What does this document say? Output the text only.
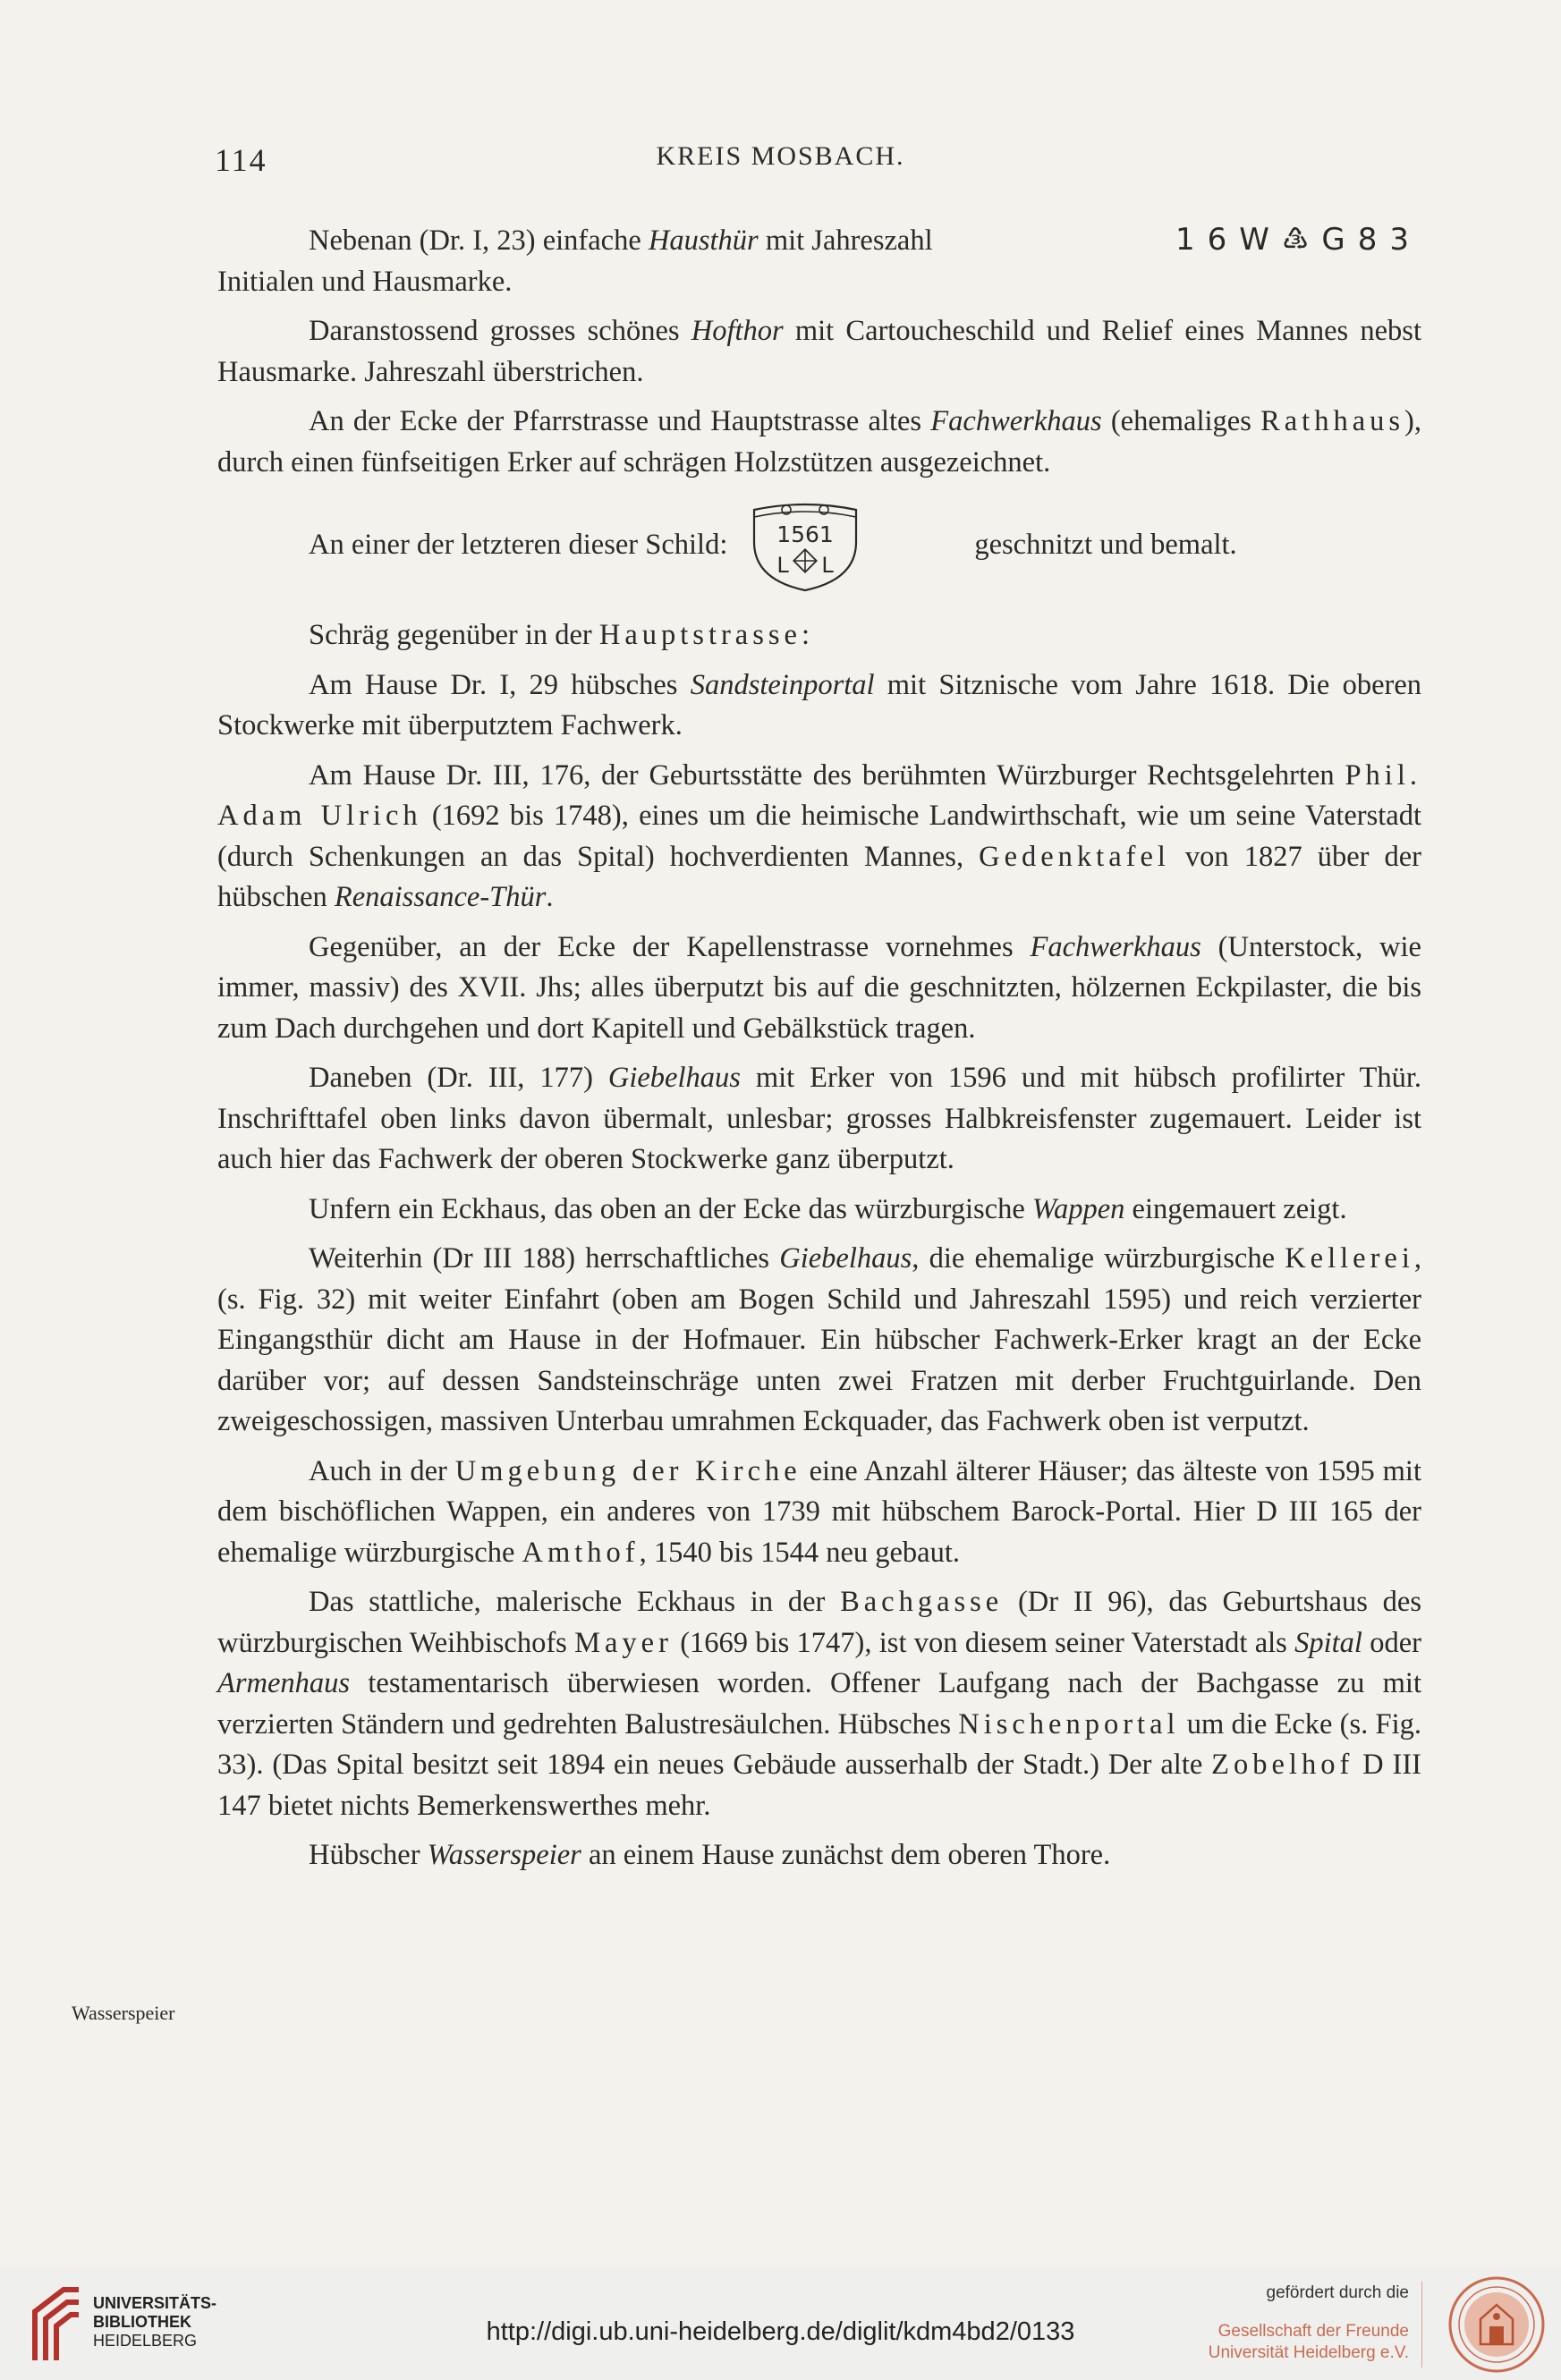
114	KREIS MOSBACH.

Nebenan (Dr. I, 23) einfache Hausthür mit Jahreszahl	16W♵G83
Initialen und Hausmarke.

Daranstossend grosses schönes Hofthor mit Cartoucheschild und Relief eines Mannes nebst Hausmarke. Jahreszahl überstrichen.

An der Ecke der Pfarrstrasse und Hauptstrasse altes Fachwerkhaus (ehemaliges Rathhaus), durch einen fünfseitigen Erker auf schrägen Holzstützen ausgezeichnet.

An einer der letzteren dieser Schild: 1561
L L
geschnitzt und bemalt.

Schräg gegenüber in der Hauptstrasse:

Am Hause Dr. I, 29 hübsches Sandsteinportal mit Sitznische vom Jahre 1618. Die oberen Stockwerke mit überputztem Fachwerk.

Am Hause Dr. III, 176, der Geburtsstätte des berühmten Würzburger Rechtsgelehrten Phil. Adam Ulrich (1692 bis 1748), eines um die heimische Landwirthschaft, wie um seine Vaterstadt (durch Schenkungen an das Spital) hochverdienten Mannes, Gedenktafel von 1827 über der hübschen Renaissance-Thür.

Gegenüber, an der Ecke der Kapellenstrasse vornehmes Fachwerkhaus (Unterstock, wie immer, massiv) des XVII. Jhs; alles überputzt bis auf die geschnitzten, hölzernen Eckpilaster, die bis zum Dach durchgehen und dort Kapitell und Gebälkstück tragen.

Daneben (Dr. III, 177) Giebelhaus mit Erker von 1596 und mit hübsch profilirter Thür. Inschrifttafel oben links davon übermalt, unlesbar; grosses Halbkreisfenster zugemauert. Leider ist auch hier das Fachwerk der oberen Stockwerke ganz überputzt.

Unfern ein Eckhaus, das oben an der Ecke das würzburgische Wappen eingemauert zeigt.

Weiterhin (Dr III 188) herrschaftliches Giebelhaus, die ehemalige würzburgische Kellerei, (s. Fig. 32) mit weiter Einfahrt (oben am Bogen Schild und Jahreszahl 1595) und reich verzierter Eingangsthür dicht am Hause in der Hofmauer. Ein hübscher Fachwerk-Erker kragt an der Ecke darüber vor; auf dessen Sandsteinschräge unten zwei Fratzen mit derber Fruchtguirlande. Den zweigeschossigen, massiven Unterbau umrahmen Eckquader, das Fachwerk oben ist verputzt.

Auch in der Umgebung der Kirche eine Anzahl älterer Häuser; das älteste von 1595 mit dem bischöflichen Wappen, ein anderes von 1739 mit hübschem Barock-Portal. Hier D III 165 der ehemalige würzburgische Amthof, 1540 bis 1544 neu gebaut.

Das stattliche, malerische Eckhaus in der Bachgasse (Dr II 96), das Geburtshaus des würzburgischen Weihbischofs Mayer (1669 bis 1747), ist von diesem seiner Vaterstadt als Spital oder Armenhaus testamentarisch überwiesen worden. Offener Laufgang nach der Bachgasse zu mit verzierten Ständern und gedrehten Balustresäulchen. Hübsches Nischenportal um die Ecke (s. Fig. 33). (Das Spital besitzt seit 1894 ein neues Gebäude ausserhalb der Stadt.) Der alte Zobelhof D III 147 bietet nichts Bemerkenswerthes mehr.

Hübscher Wasserspeier an einem Hause zunächst dem oberen Thore.

Wasserspeier
UNIVERSITÄTS-
BIBLIOTHEK
HEIDELBERG	http://digi.ub.uni-heidelberg.de/diglit/kdm4bd2/0133
gefördert durch die
Gesellschaft der Freunde
Universität Heidelberg e.V.
